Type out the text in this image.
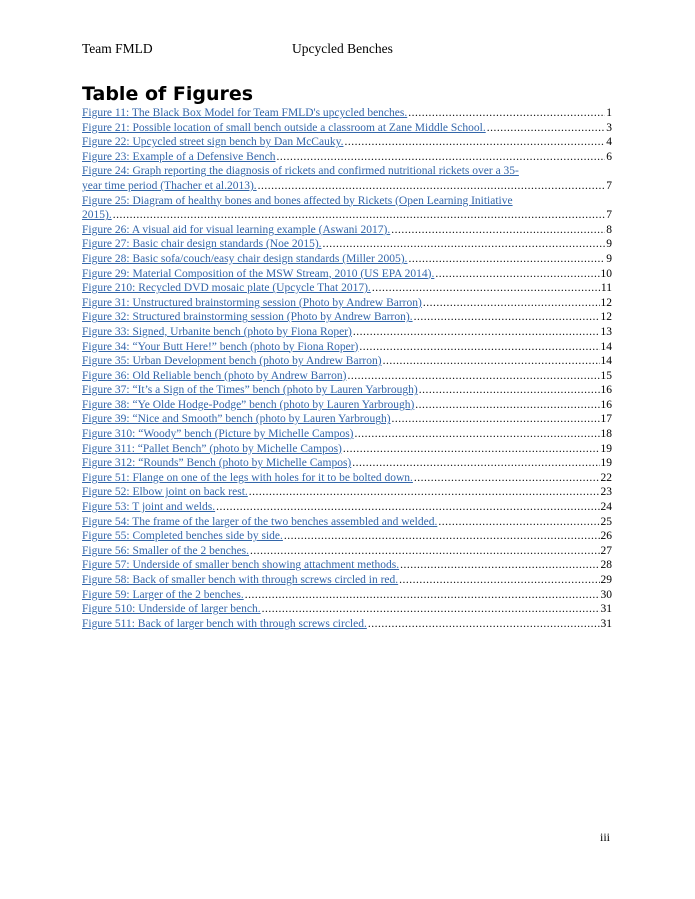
Team FMLD	Upcycled Benches
Table of Figures
Figure 11: The Black Box Model for Team FMLD's upcycled benches. .....	1
Figure 21: Possible location of small bench outside a classroom at Zane Middle School. .....	3
Figure 22: Upcycled street sign bench by Dan McCauky. .....	4
Figure 23: Example of a Defensive Bench .....	6
Figure 24: Graph reporting the diagnosis of rickets and confirmed nutritional rickets over a 35-
year time period (Thacher et al.2013). .....	7
Figure 25: Diagram of healthy bones and bones affected by Rickets (Open Learning Initiative
2015). .....	7
Figure 26: A visual aid for visual learning example (Aswani 2017). .....	8
Figure 27: Basic chair design standards (Noe 2015). .....	9
Figure 28: Basic sofa/couch/easy chair design standards (Miller 2005). .....	9
Figure 29: Material Composition of the MSW Stream, 2010 (US EPA 2014). .....	10
Figure 210: Recycled DVD mosaic plate (Upcycle That 2017). .....	11
Figure 31: Unstructured brainstorming session (Photo by Andrew Barron) .....	12
Figure 32: Structured brainstorming session (Photo by Andrew Barron). .....	12
Figure 33: Signed, Urbanite bench (photo by Fiona Roper) .....	13
Figure 34: “Your Butt Here!” bench (photo by Fiona Roper) .....	14
Figure 35: Urban Development bench (photo by Andrew Barron) .....	14
Figure 36: Old Reliable bench (photo by Andrew Barron) .....	15
Figure 37: “It’s a Sign of the Times” bench (photo by Lauren Yarbrough) .....	16
Figure 38: “Ye Olde Hodge-Podge” bench (photo by Lauren Yarbrough) .....	16
Figure 39: “Nice and Smooth” bench (photo by Lauren Yarbrough) .....	17
Figure 310: “Woody” bench (Picture by Michelle Campos) .....	18
Figure 311: “Pallet Bench” (photo by Michelle Campos) .....	19
Figure 312: “Rounds” Bench (photo by Michelle Campos) .....	19
Figure 51: Flange on one of the legs with holes for it to be bolted down. .....	22
Figure 52: Elbow joint on back rest. .....	23
Figure 53: T joint and welds. .....	24
Figure 54: The frame of the larger of the two benches assembled and welded. .....	25
Figure 55: Completed benches side by side. .....	26
Figure 56: Smaller of the 2 benches. .....	27
Figure 57: Underside of smaller bench showing attachment methods. .....	28
Figure 58: Back of smaller bench with through screws circled in red. .....	29
Figure 59: Larger of the 2 benches. .....	30
Figure 510: Underside of larger bench. .....	31
Figure 511: Back of larger bench with through screws circled. .....	31
iii
